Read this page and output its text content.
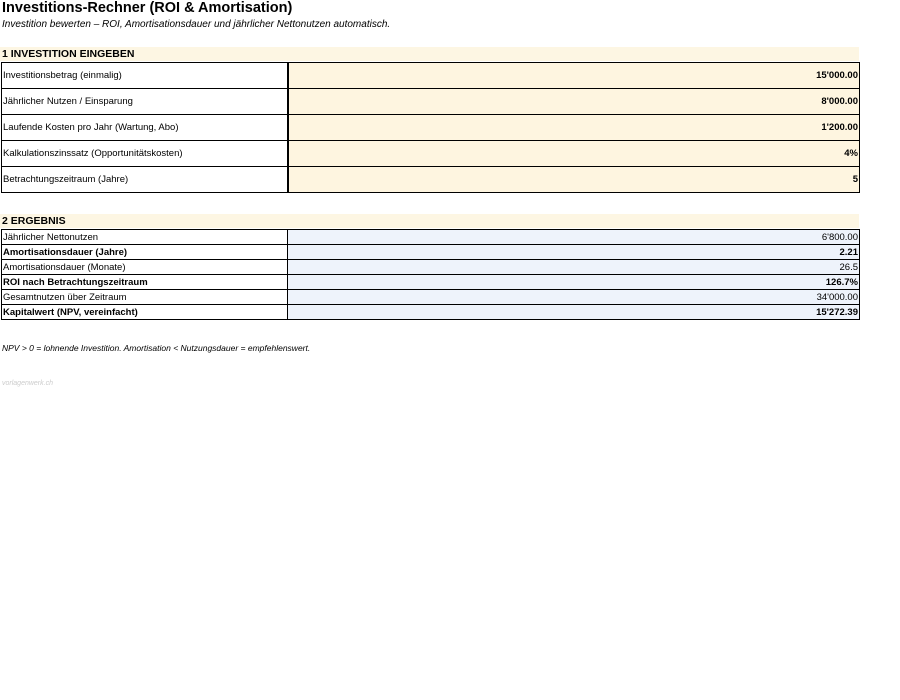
Investitions-Rechner (ROI & Amortisation)
Investition bewerten – ROI, Amortisationsdauer und jährlicher Nettonutzen automatisch.
1 INVESTITION EINGEBEN
Investitionsbetrag (einmalig)	15'000.00
Jährlicher Nutzen / Einsparung	8'000.00
Laufende Kosten pro Jahr (Wartung, Abo)	1'200.00
Kalkulationszinssatz (Opportunitätskosten)	4%
Betrachtungszeitraum (Jahre)	5
2 ERGEBNIS
Jährlicher Nettonutzen	6'800.00
Amortisationsdauer (Jahre)	2.21
Amortisationsdauer (Monate)	26.5
ROI nach Betrachtungszeitraum	126.7%
Gesamtnutzen über Zeitraum	34'000.00
Kapitalwert (NPV, vereinfacht)	15'272.39
NPV > 0 = lohnende Investition. Amortisation < Nutzungsdauer = empfehlenswert.
vorlagenwerk.ch
